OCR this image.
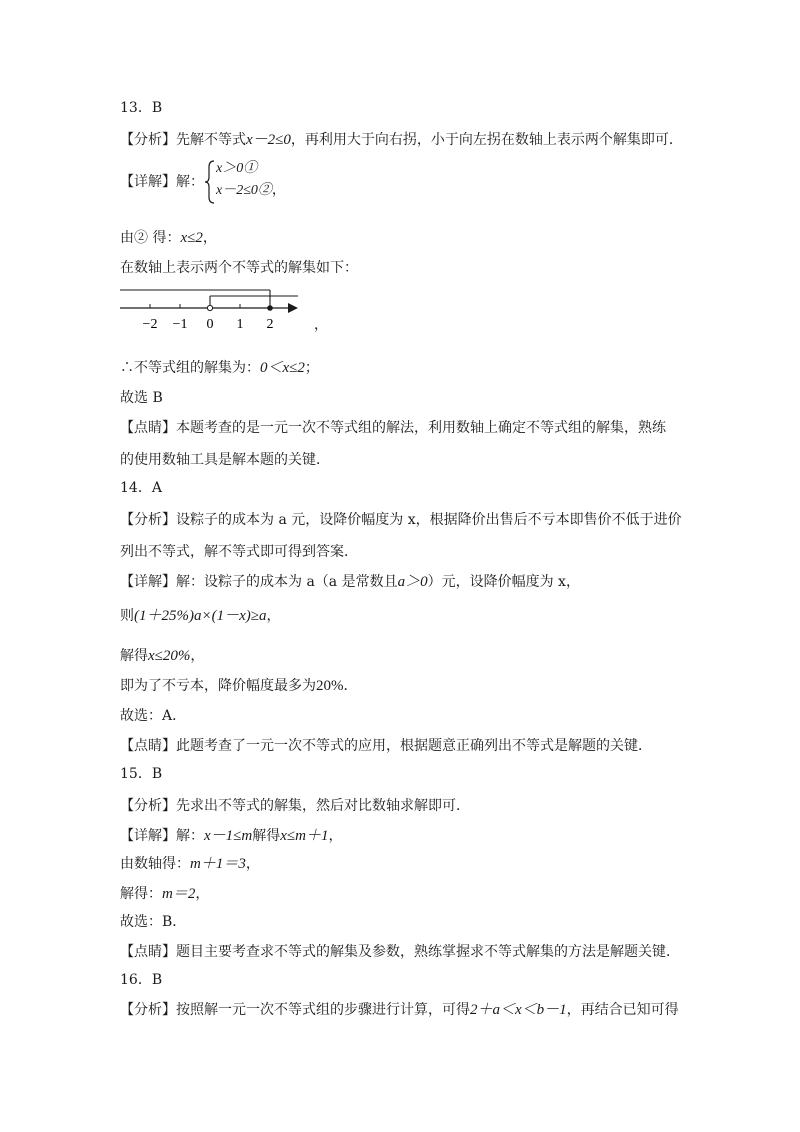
13．B
【分析】先解不等式x－2≤0，再利用大于向右拐，小于向左拐在数轴上表示两个解集即可．
【详解】解：
x＞0①
x－2≤0②，
由② 得：x≤2，
在数轴上表示两个不等式的解集如下：
−2 −1 0 1 2	，
∴不等式组的解集为：0＜x≤2；
故选 B
【点睛】本题考查的是一元一次不等式组的解法，利用数轴上确定不等式组的解集，熟练
的使用数轴工具是解本题的关键．
14．A
【分析】设粽子的成本为 a 元，设降价幅度为 x，根据降价出售后不亏本即售价不低于进价
列出不等式，解不等式即可得到答案．
【详解】解：设粽子的成本为 a（a 是常数且a＞0）元，设降价幅度为 x，
则(1＋25%)a×(1－x)≥a，
解得x≤20%，
即为了不亏本，降价幅度最多为20%．
故选：A．
【点睛】此题考查了一元一次不等式的应用，根据题意正确列出不等式是解题的关键．
15．B
【分析】先求出不等式的解集，然后对比数轴求解即可．
【详解】解：x－1≤m解得x≤m＋1，
由数轴得：m＋1＝3，
解得：m＝2，
故选：B．
【点睛】题目主要考查求不等式的解集及参数，熟练掌握求不等式解集的方法是解题关键．
16．B
【分析】按照解一元一次不等式组的步骤进行计算，可得2＋a＜x＜b－1，再结合已知可得
